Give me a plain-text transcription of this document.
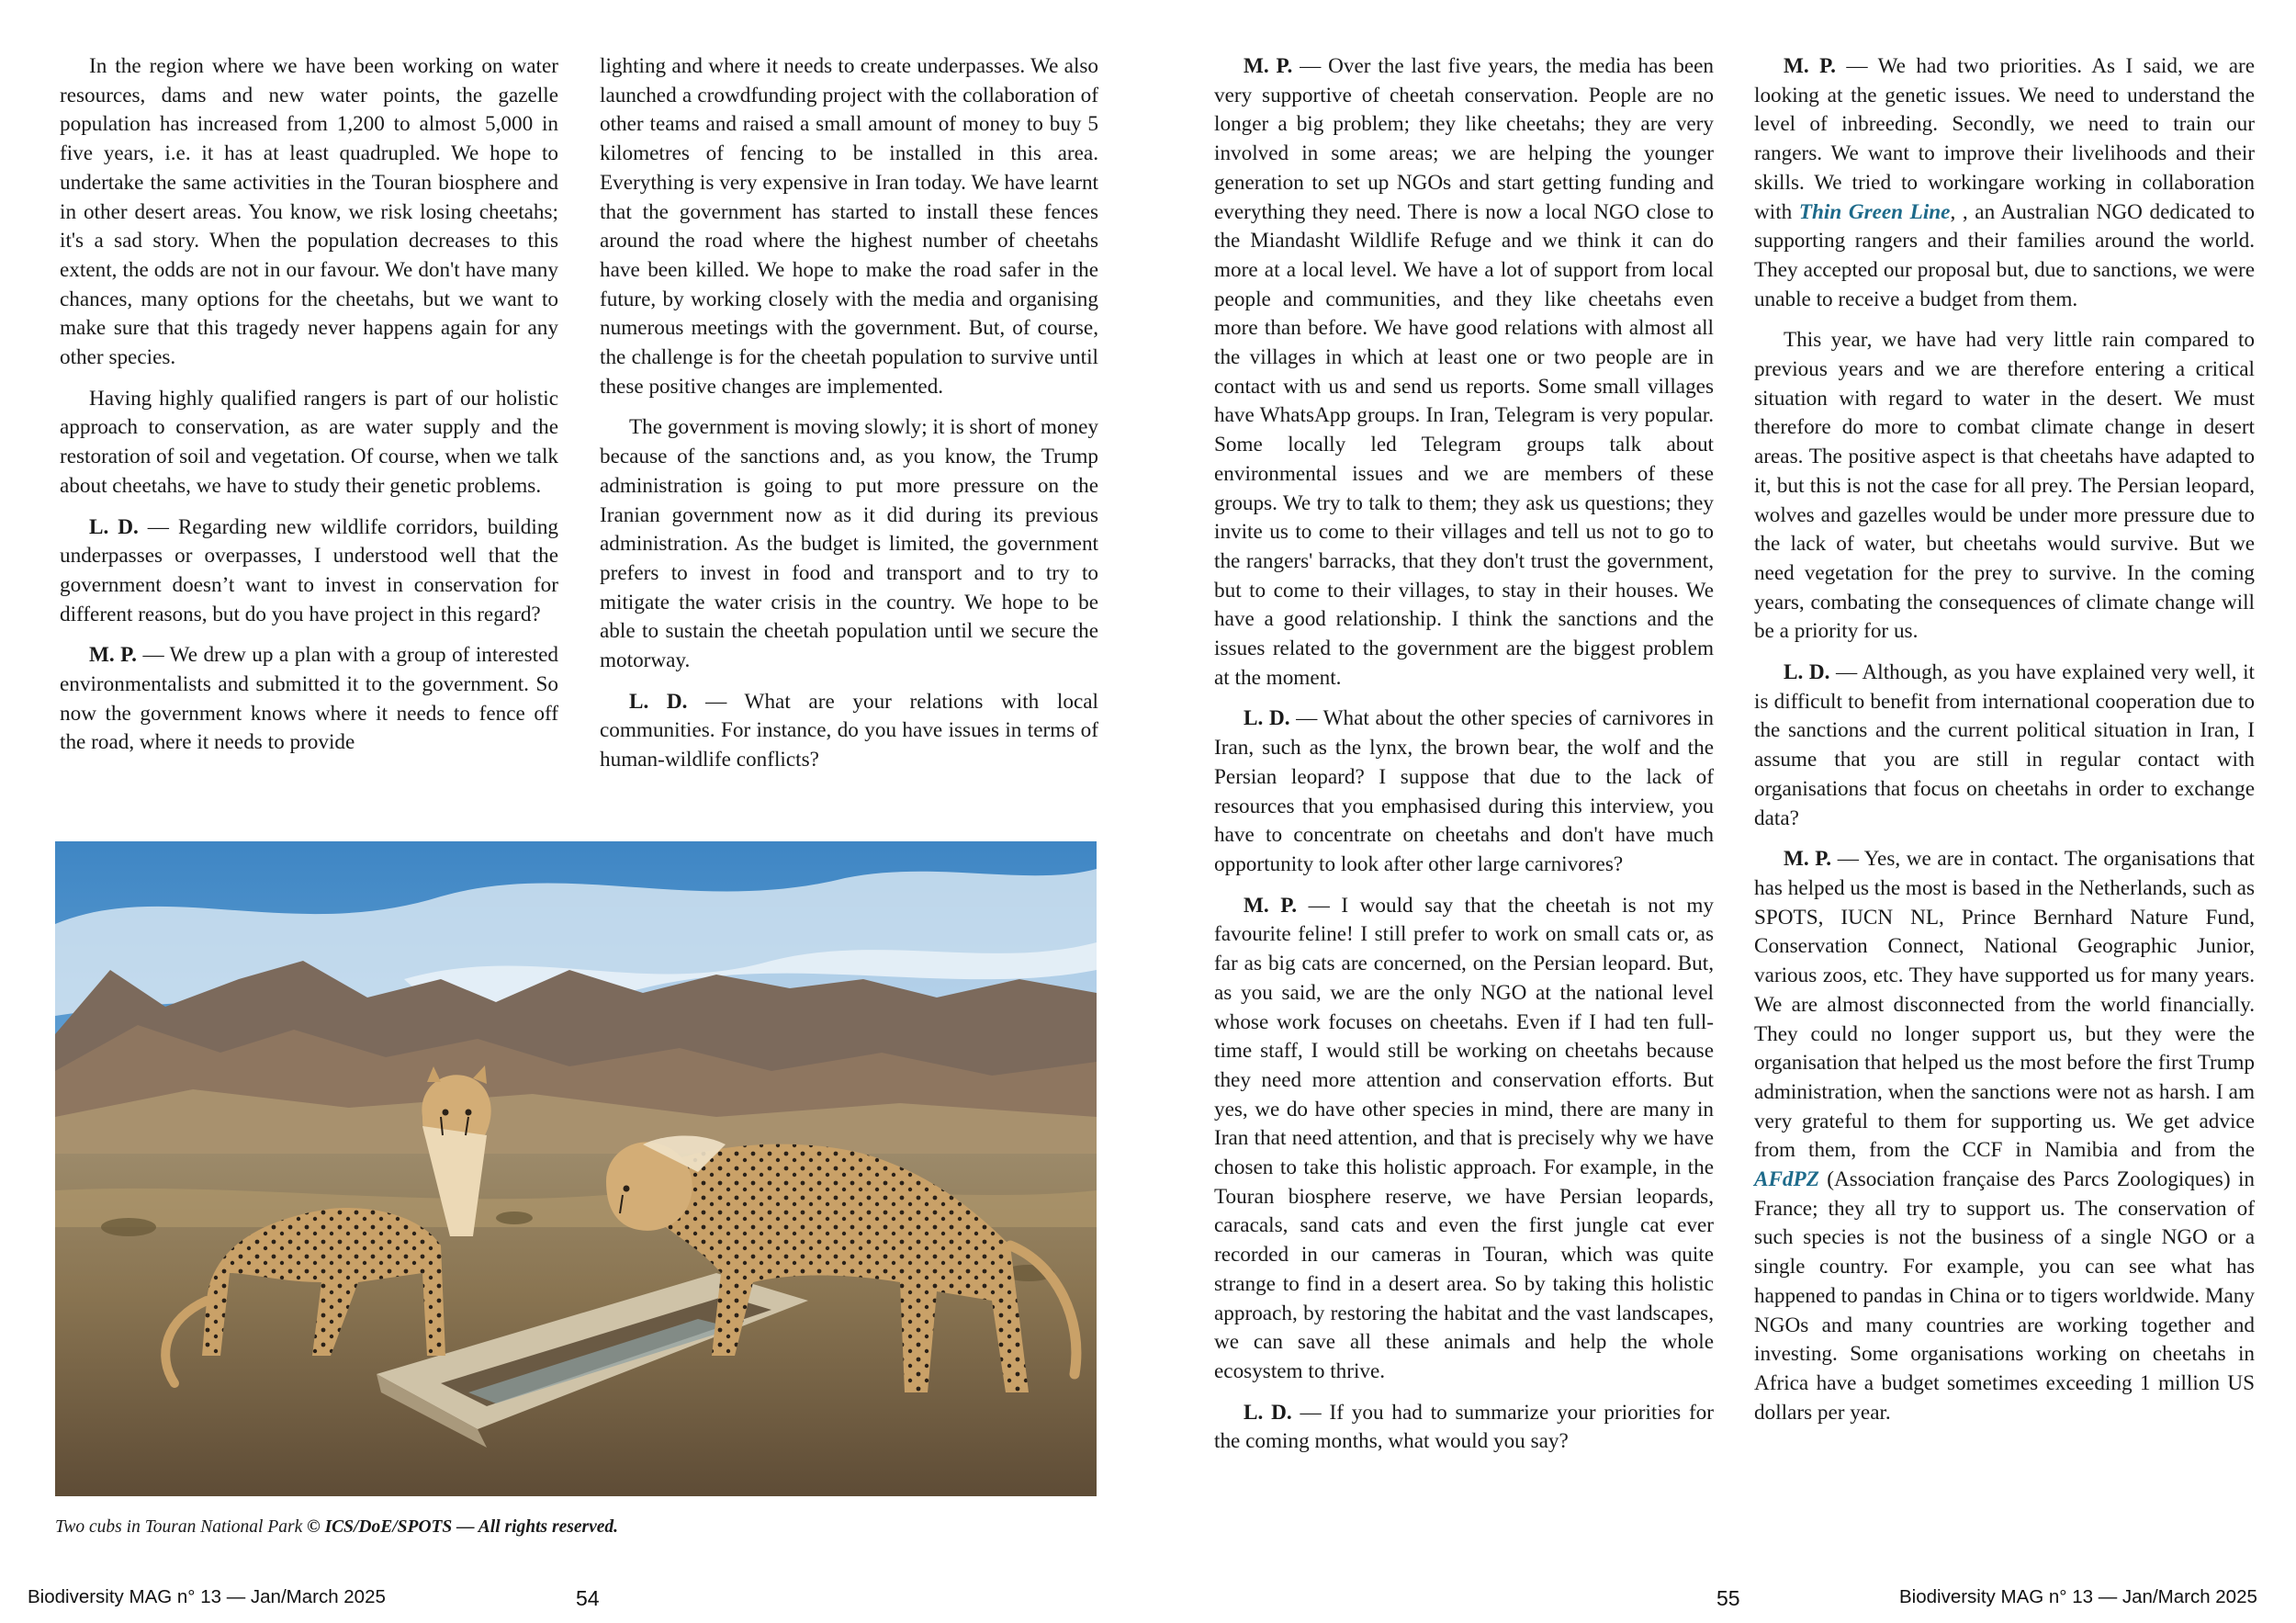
In the region where we have been working on water resources, dams and new water points, the gazelle population has increased from 1,200 to almost 5,000 in five years, i.e. it has at least quadrupled. We hope to undertake the same activities in the Touran biosphere and in other desert areas. You know, we risk losing cheetahs; it's a sad story. When the population decreases to this extent, the odds are not in our favour. We don't have many chances, many options for the cheetahs, but we want to make sure that this tragedy never happens again for any other species.

Having highly qualified rangers is part of our holistic approach to conservation, as are water supply and the restoration of soil and vegetation. Of course, when we talk about cheetahs, we have to study their genetic problems.

L. D. — Regarding new wildlife corridors, building underpasses or overpasses, I understood well that the government doesn’t want to invest in conservation for different reasons, but do you have project in this regard?

M. P. — We drew up a plan with a group of interested environmentalists and submitted it to the government. So now the government knows where it needs to fence off the road, where it needs to provide

lighting and where it needs to create underpasses. We also launched a crowdfunding project with the collaboration of other teams and raised a small amount of money to buy 5 kilometres of fencing to be installed in this area. Everything is very expensive in Iran today. We have learnt that the government has started to install these fences around the road where the highest number of cheetahs have been killed. We hope to make the road safer in the future, by working closely with the media and organising numerous meetings with the government. But, of course, the challenge is for the cheetah population to survive until these positive changes are implemented.

The government is moving slowly; it is short of money because of the sanctions and, as you know, the Trump administration is going to put more pressure on the Iranian government now as it did during its previous administration. As the budget is limited, the government prefers to invest in food and transport and to try to mitigate the water crisis in the country. We hope to be able to sustain the cheetah population until we secure the motorway.

L. D. — What are your relations with local communities. For instance, do you have issues in terms of human-wildlife conflicts?

Two cubs in Touran National Park © ICS/DoE/SPOTS — All rights reserved.

M. P. — Over the last five years, the media has been very supportive of cheetah conservation. People are no longer a big problem; they like cheetahs; they are very involved in some areas; we are helping the younger generation to set up NGOs and start getting funding and everything they need. There is now a local NGO close to the Miandasht Wildlife Refuge and we think it can do more at a local level. We have a lot of support from local people and communities, and they like cheetahs even more than before. We have good relations with almost all the villages in which at least one or two people are in contact with us and send us reports. Some small villages have WhatsApp groups. In Iran, Telegram is very popular. Some locally led Telegram groups talk about environmental issues and we are members of these groups. We try to talk to them; they ask us questions; they invite us to come to their villages and tell us not to go to the rangers' barracks, that they don't trust the government, but to come to their villages, to stay in their houses. We have a good relationship. I think the sanctions and the issues related to the government are the biggest problem at the moment.

L. D. — What about the other species of carnivores in Iran, such as the lynx, the brown bear, the wolf and the Persian leopard? I suppose that due to the lack of resources that you emphasised during this interview, you have to concentrate on cheetahs and don't have much opportunity to look after other large carnivores?

M. P. — I would say that the cheetah is not my favourite feline! I still prefer to work on small cats or, as far as big cats are concerned, on the Persian leopard. But, as you said, we are the only NGO at the national level whose work focuses on cheetahs. Even if I had ten full-time staff, I would still be working on cheetahs because they need more attention and conservation efforts. But yes, we do have other species in mind, there are many in Iran that need attention, and that is precisely why we have chosen to take this holistic approach. For example, in the Touran biosphere reserve, we have Persian leopards, caracals, sand cats and even the first jungle cat ever recorded in our cameras in Touran, which was quite strange to find in a desert area. So by taking this holistic approach, by restoring the habitat and the vast landscapes, we can save all these animals and help the whole ecosystem to thrive.

L. D. — If you had to summarize your priorities for the coming months, what would you say?

M. P. — We had two priorities. As I said, we are looking at the genetic issues. We need to understand the level of inbreeding. Secondly, we need to train our rangers. We want to improve their livelihoods and their skills. We tried to workingare working in collaboration with Thin Green Line, , an Australian NGO dedicated to supporting rangers and their families around the world. They accepted our proposal but, due to sanctions, we were unable to receive a budget from them.

This year, we have had very little rain compared to previous years and we are therefore entering a critical situation with regard to water in the desert. We must therefore do more to combat climate change in desert areas. The positive aspect is that cheetahs have adapted to it, but this is not the case for all prey. The Persian leopard, wolves and gazelles would be under more pressure due to the lack of water, but cheetahs would survive. But we need vegetation for the prey to survive. In the coming years, combating the consequences of climate change will be a priority for us.

L. D. — Although, as you have explained very well, it is difficult to benefit from international cooperation due to the sanctions and the current political situation in Iran, I assume that you are still in regular contact with organisations that focus on cheetahs in order to exchange data?

M. P. — Yes, we are in contact. The organisations that has helped us the most is based in the Netherlands, such as SPOTS, IUCN NL, Prince Bernhard Nature Fund, Conservation Connect, National Geographic Junior, various zoos, etc. They have supported us for many years. We are almost disconnected from the world financially. They could no longer support us, but they were the organisation that helped us the most before the first Trump administration, when the sanctions were not as harsh. I am very grateful to them for supporting us. We get advice from them, from the CCF in Namibia and from the AFdPZ (Association française des Parcs Zoologiques) in France; they all try to support us. The conservation of such species is not the business of a single NGO or a single country. For example, you can see what has happened to pandas in China or to tigers worldwide. Many NGOs and many countries are working together and investing. Some organisations working on cheetahs in Africa have a budget sometimes exceeding 1 million US dollars per year.

Biodiversity MAG n° 13 — Jan/March 2025	54	55	Biodiversity MAG n° 13 — Jan/March 2025
